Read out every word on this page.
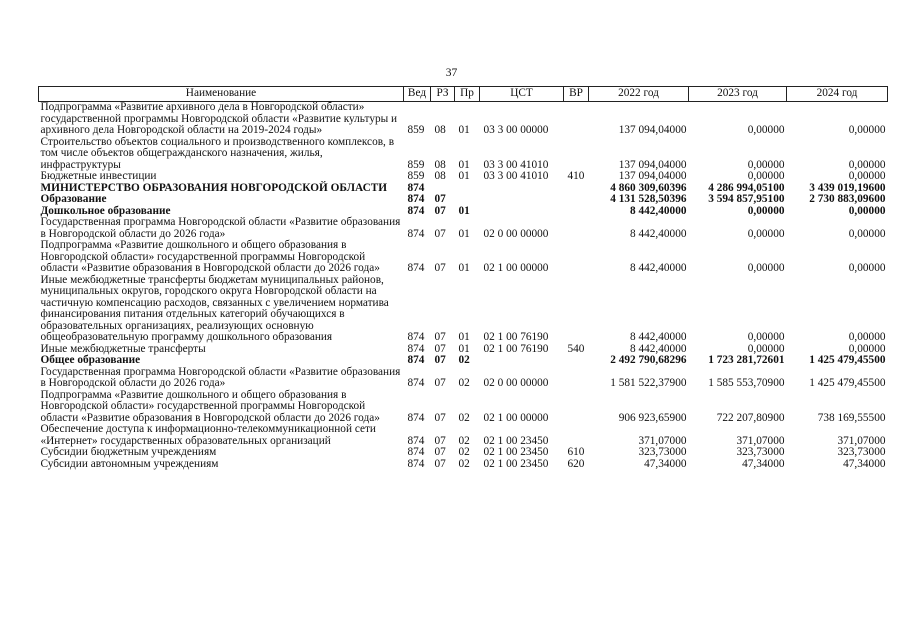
37
Наименование	Вед	РЗ	Пр	ЦСТ	ВР	2022 год	2023 год	2024 год
Подпрограмма «Развитие архивного дела в Новгородской области» государственной программы Новгородской области «Развитие культуры и архивного дела Новгородской области на 2019-2024 годы»	859	08	01	03 3 00 00000		137 094,04000	0,00000	0,00000
Строительство объектов социального и производственного комплексов, в том числе объектов общегражданского назначения, жилья, инфраструктуры	859	08	01	03 3 00 41010		137 094,04000	0,00000	0,00000
Бюджетные инвестиции	859	08	01	03 3 00 41010	410	137 094,04000	0,00000	0,00000
МИНИСТЕРСТВО ОБРАЗОВАНИЯ НОВГОРОДСКОЙ ОБЛАСТИ	874					4 860 309,60396	4 286 994,05100	3 439 019,19600
Образование	874	07				4 131 528,50396	3 594 857,95100	2 730 883,09600
Дошкольное образование	874	07	01			8 442,40000	0,00000	0,00000
Государственная программа Новгородской области «Развитие образования в Новгородской области до 2026 года»	874	07	01	02 0 00 00000		8 442,40000	0,00000	0,00000
Подпрограмма «Развитие дошкольного и общего образования в Новгородской области» государственной программы Новгородской области «Развитие образования в Новгородской области до 2026 года»	874	07	01	02 1 00 00000		8 442,40000	0,00000	0,00000
Иные межбюджетные трансферты бюджетам муниципальных районов, муниципальных округов, городского округа Новгородской области на частичную компенсацию расходов, связанных с увеличением норматива финансирования питания отдельных категорий обучающихся в образовательных организациях, реализующих основную общеобразовательную программу дошкольного образования	874	07	01	02 1 00 76190		8 442,40000	0,00000	0,00000
Иные межбюджетные трансферты	874	07	01	02 1 00 76190	540	8 442,40000	0,00000	0,00000
Общее образование	874	07	02			2 492 790,68296	1 723 281,72601	1 425 479,45500
Государственная программа Новгородской области «Развитие образования в Новгородской области до 2026 года»	874	07	02	02 0 00 00000		1 581 522,37900	1 585 553,70900	1 425 479,45500
Подпрограмма «Развитие дошкольного и общего образования в Новгородской области» государственной программы Новгородской области «Развитие образования в Новгородской области до 2026 года»	874	07	02	02 1 00 00000		906 923,65900	722 207,80900	738 169,55500
Обеспечение доступа к информационно-телекоммуникационной сети «Интернет» государственных образовательных организаций	874	07	02	02 1 00 23450		371,07000	371,07000	371,07000
Субсидии бюджетным учреждениям	874	07	02	02 1 00 23450	610	323,73000	323,73000	323,73000
Субсидии автономным учреждениям	874	07	02	02 1 00 23450	620	47,34000	47,34000	47,34000
